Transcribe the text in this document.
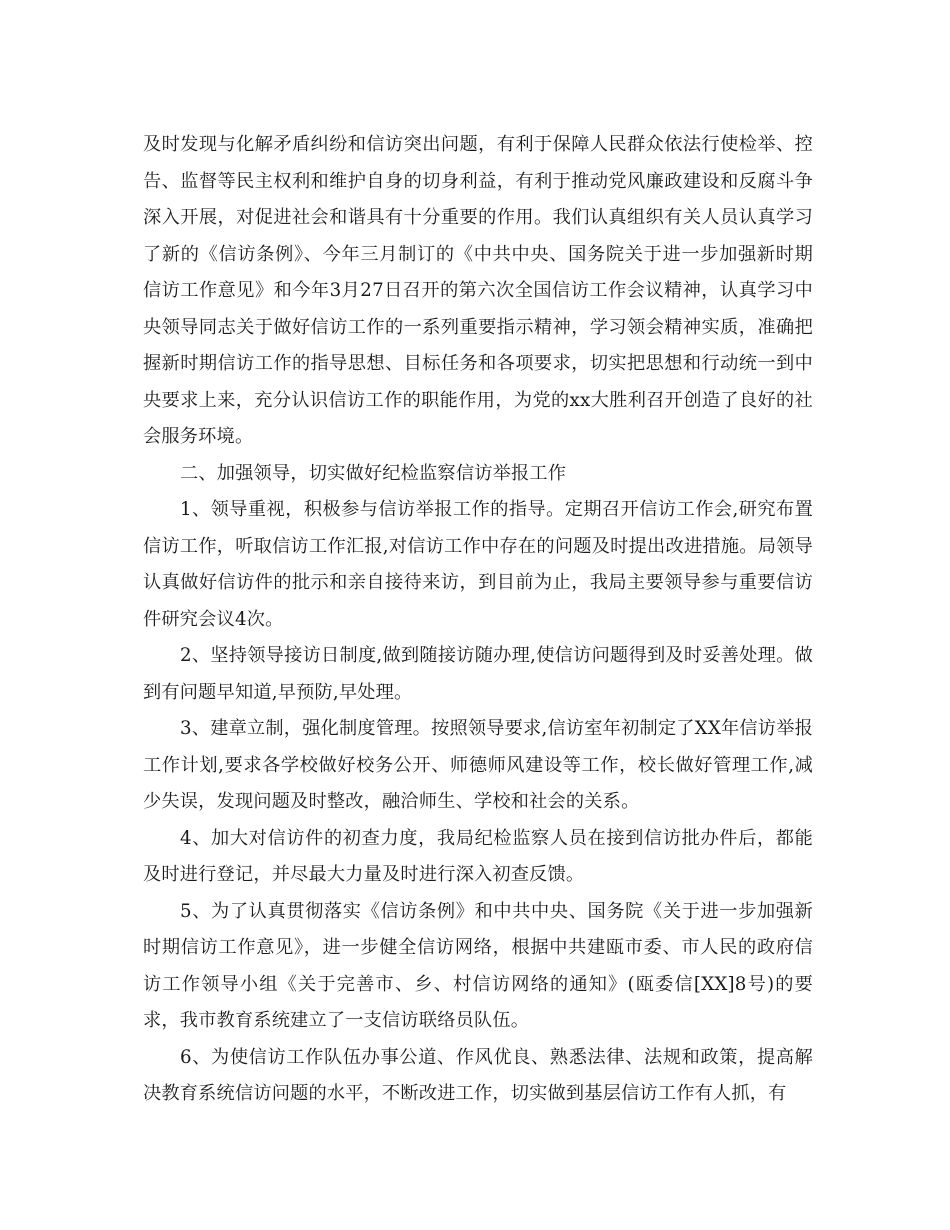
及时发现与化解矛盾纠纷和信访突出问题，有利于保障人民群众依法行使检举、控告、监督等民主权利和维护自身的切身利益，有利于推动党风廉政建设和反腐斗争深入开展，对促进社会和谐具有十分重要的作用。我们认真组织有关人员认真学习了新的《信访条例》、今年三月制订的《中共中央、国务院关于进一步加强新时期信访工作意见》和今年3月27日召开的第六次全国信访工作会议精神，认真学习中央领导同志关于做好信访工作的一系列重要指示精神，学习领会精神实质，准确把握新时期信访工作的指导思想、目标任务和各项要求，切实把思想和行动统一到中央要求上来，充分认识信访工作的职能作用，为党的xx大胜利召开创造了良好的社会服务环境。

二、加强领导，切实做好纪检监察信访举报工作

1、领导重视，积极参与信访举报工作的指导。定期召开信访工作会,研究布置信访工作，听取信访工作汇报,对信访工作中存在的问题及时提出改进措施。局领导认真做好信访件的批示和亲自接待来访，到目前为止，我局主要领导参与重要信访件研究会议4次。

2、坚持领导接访日制度,做到随接访随办理,使信访问题得到及时妥善处理。做到有问题早知道,早预防,早处理。

3、建章立制，强化制度管理。按照领导要求,信访室年初制定了XX年信访举报工作计划,要求各学校做好校务公开、师德师风建设等工作，校长做好管理工作,减少失误，发现问题及时整改，融洽师生、学校和社会的关系。

4、加大对信访件的初查力度，我局纪检监察人员在接到信访批办件后，都能及时进行登记，并尽最大力量及时进行深入初查反馈。

5、为了认真贯彻落实《信访条例》和中共中央、国务院《关于进一步加强新时期信访工作意见》，进一步健全信访网络，根据中共建瓯市委、市人民的政府信访工作领导小组《关于完善市、乡、村信访网络的通知》(瓯委信[XX]8号)的要求，我市教育系统建立了一支信访联络员队伍。

6、为使信访工作队伍办事公道、作风优良、熟悉法律、法规和政策，提高解决教育系统信访问题的水平，不断改进工作，切实做到基层信访工作有人抓，有
